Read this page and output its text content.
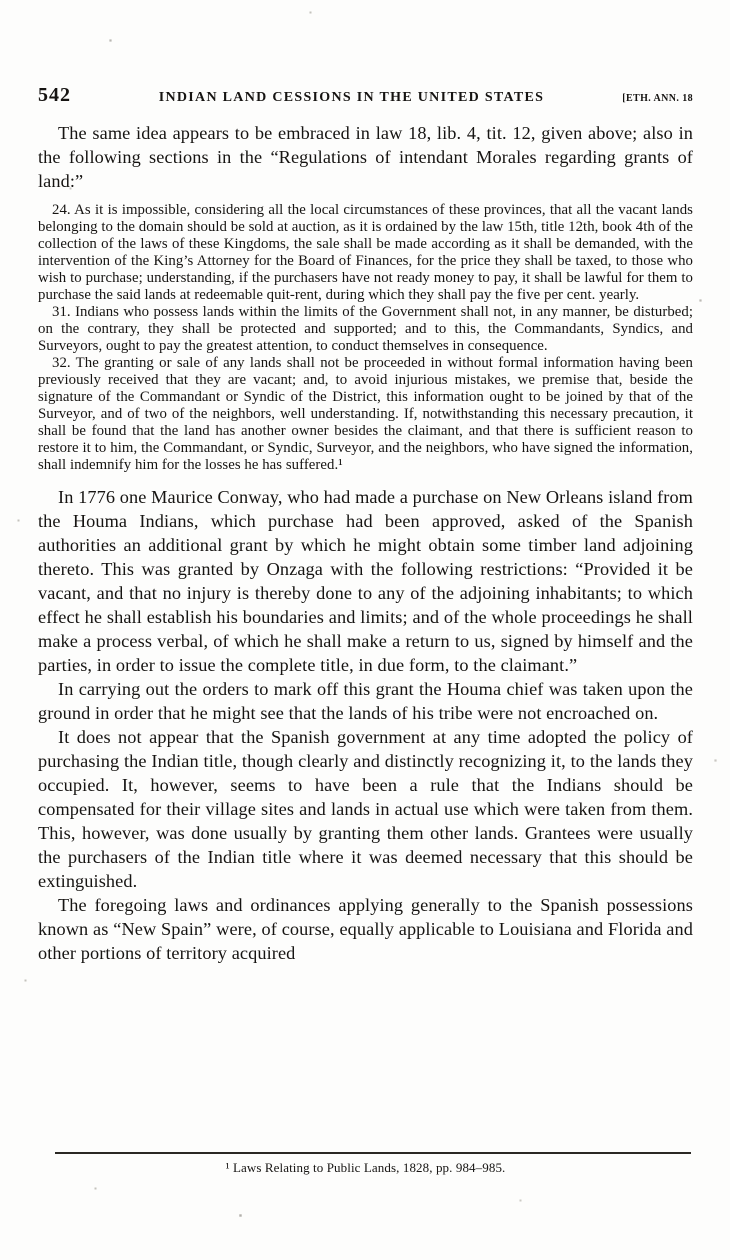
542	INDIAN LAND CESSIONS IN THE UNITED STATES	[ETH. ANN. 18

The same idea appears to be embraced in law 18, lib. 4, tit. 12, given above; also in the following sections in the “Regulations of intendant Morales regarding grants of land:”

24. As it is impossible, considering all the local circumstances of these provinces, that all the vacant lands belonging to the domain should be sold at auction, as it is ordained by the law 15th, title 12th, book 4th of the collection of the laws of these Kingdoms, the sale shall be made according as it shall be demanded, with the intervention of the King’s Attorney for the Board of Finances, for the price they shall be taxed, to those who wish to purchase; understanding, if the purchasers have not ready money to pay, it shall be lawful for them to purchase the said lands at redeemable quit-rent, during which they shall pay the five per cent. yearly.

31. Indians who possess lands within the limits of the Government shall not, in any manner, be disturbed; on the contrary, they shall be protected and supported; and to this, the Commandants, Syndics, and Surveyors, ought to pay the greatest attention, to conduct themselves in consequence.

32. The granting or sale of any lands shall not be proceeded in without formal information having been previously received that they are vacant; and, to avoid injurious mistakes, we premise that, beside the signature of the Commandant or Syndic of the District, this information ought to be joined by that of the Surveyor, and of two of the neighbors, well understanding. If, notwithstanding this necessary precaution, it shall be found that the land has another owner besides the claimant, and that there is sufficient reason to restore it to him, the Commandant, or Syndic, Surveyor, and the neighbors, who have signed the information, shall indemnify him for the losses he has suffered.¹

In 1776 one Maurice Conway, who had made a purchase on New Orleans island from the Houma Indians, which purchase had been approved, asked of the Spanish authorities an additional grant by which he might obtain some timber land adjoining thereto. This was granted by Onzaga with the following restrictions: “Provided it be vacant, and that no injury is thereby done to any of the adjoining inhabitants; to which effect he shall establish his boundaries and limits; and of the whole proceedings he shall make a process verbal, of which he shall make a return to us, signed by himself and the parties, in order to issue the complete title, in due form, to the claimant.”

In carrying out the orders to mark off this grant the Houma chief was taken upon the ground in order that he might see that the lands of his tribe were not encroached on.

It does not appear that the Spanish government at any time adopted the policy of purchasing the Indian title, though clearly and distinctly recognizing it, to the lands they occupied. It, however, seems to have been a rule that the Indians should be compensated for their village sites and lands in actual use which were taken from them. This, however, was done usually by granting them other lands. Grantees were usually the purchasers of the Indian title where it was deemed necessary that this should be extinguished.

The foregoing laws and ordinances applying generally to the Spanish possessions known as “New Spain” were, of course, equally applicable to Louisiana and Florida and other portions of territory acquired

¹ Laws Relating to Public Lands, 1828, pp. 984–985.
